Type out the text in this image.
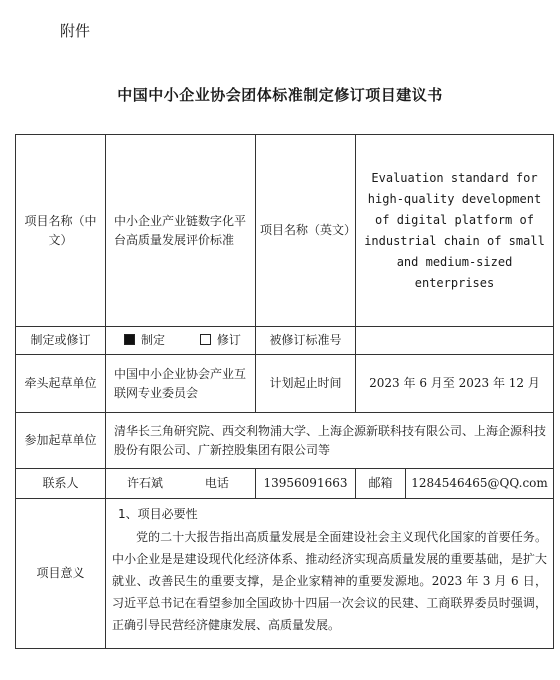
附件
中国中小企业协会团体标准制定修订项目建议书
项目名称（中文）	中小企业产业链数字化平台高质量发展评价标准	项目名称（英文）	Evaluation standard for high-quality development of digital platform of industrial chain of small and medium-sized enterprises	
制定或修订	制定 修订	被修订标准号		
牵头起草单位	中国中小企业协会产业互联网专业委员会	计划起止时间	2023 年 6 月至 2023 年 12 月	
参加起草单位	清华长三角研究院、西交利物浦大学、上海企源新联科技有限公司、上海企源科技股份有限公司、广新控股集团有限公司等			
联系人	许石斌 电话	13956091663	邮箱	1284546465@QQ.com
项目意义	1、项目必要性

党的二十大报告指出高质量发展是全面建设社会主义现代化国家的首要任务。中小企业是是建设现代化经济体系、推动经济实现高质量发展的重要基础，是扩大就业、改善民生的重要支撑，是企业家精神的重要发源地。2023 年 3 月 6 日，习近平总书记在看望参加全国政协十四届一次会议的民建、工商联界委员时强调，正确引导民营经济健康发展、高质量发展。			
